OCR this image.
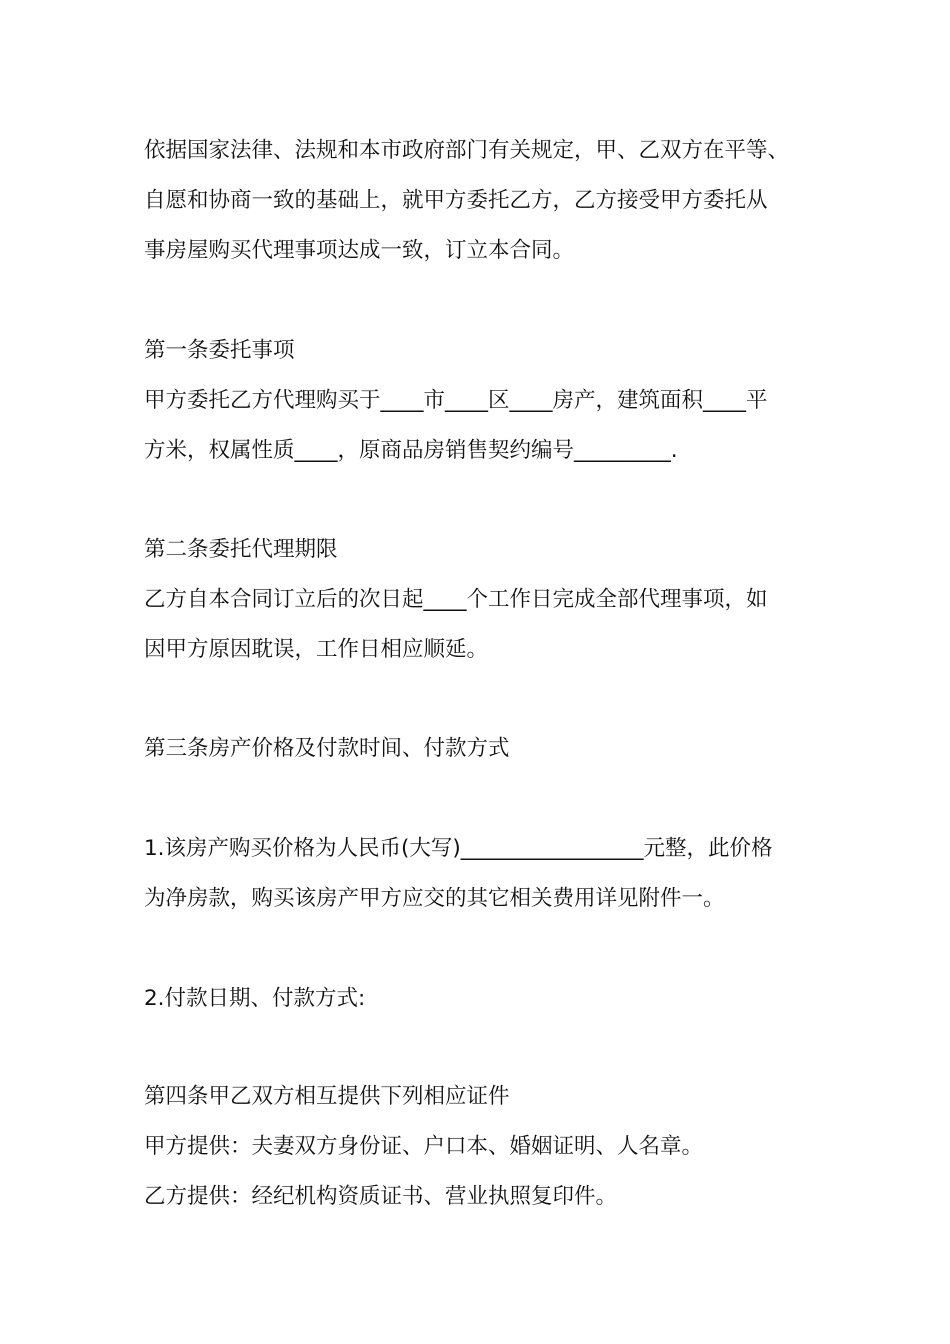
依据国家法律、法规和本市政府部门有关规定，甲、乙双方在平等、

自愿和协商一致的基础上，就甲方委托乙方，乙方接受甲方委托从

事房屋购买代理事项达成一致，订立本合同。

第一条委托事项

甲方委托乙方代理购买于____市____区____房产，建筑面积____平

方米，权属性质____，原商品房销售契约编号_________.

第二条委托代理期限

乙方自本合同订立后的次日起____个工作日完成全部代理事项，如

因甲方原因耽误，工作日相应顺延。

第三条房产价格及付款时间、付款方式

1.该房产购买价格为人民币(大写)_________________元整，此价格

为净房款，购买该房产甲方应交的其它相关费用详见附件一。

2.付款日期、付款方式:

第四条甲乙双方相互提供下列相应证件

甲方提供：夫妻双方身份证、户口本、婚姻证明、人名章。

乙方提供：经纪机构资质证书、营业执照复印件。
